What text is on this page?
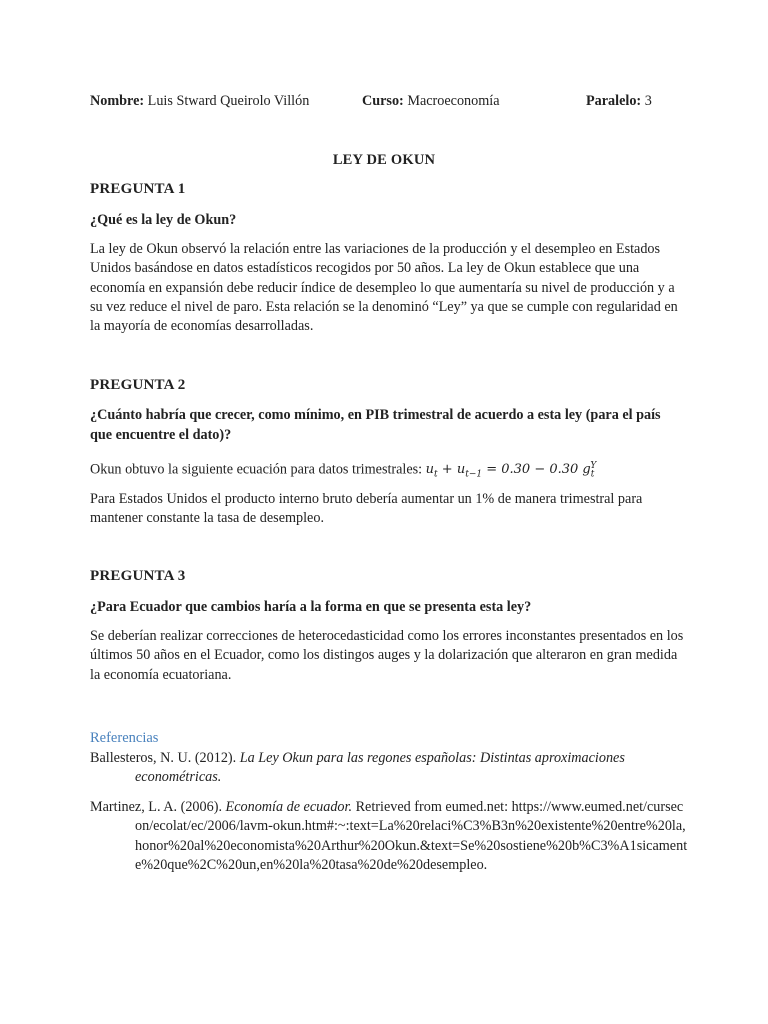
Nombre: Luis Stward Queirolo Villón	Curso: Macroeconomía	Paralelo: 3
LEY DE OKUN
PREGUNTA 1
¿Qué es la ley de Okun?
La ley de Okun observó la relación entre las variaciones de la producción y el desempleo en Estados Unidos basándose en datos estadísticos recogidos por 50 años. La ley de Okun establece que una economía en expansión debe reducir índice de desempleo lo que aumentaría su nivel de producción y a su vez reduce el nivel de paro. Esta relación se la denominó “Ley” ya que se cumple con regularidad en la mayoría de economías desarrolladas.
PREGUNTA 2
¿Cuánto habría que crecer, como mínimo, en PIB trimestral de acuerdo a esta ley (para el país que encuentre el dato)?
Okun obtuvo la siguiente ecuación para datos trimestrales: $u_t + u_{t-1} = 0.30 - 0.30$ $g_t^Y$
Para Estados Unidos el producto interno bruto debería aumentar un 1% de manera trimestral para mantener constante la tasa de desempleo.
PREGUNTA 3
¿Para Ecuador que cambios haría a la forma en que se presenta esta ley?
Se deberían realizar correcciones de heterocedasticidad como los errores inconstantes presentados en los últimos 50 años en el Ecuador, como los distingos auges y la dolarización que alteraron en gran medida la economía ecuatoriana.
Referencias
Ballesteros, N. U. (2012). La Ley Okun para las regones españolas: Distintas aproximaciones econométricas.
Martinez, L. A. (2006). Economía de ecuador. Retrieved from eumed.net: https://www.eumed.net/cursecon/ecolat/ec/2006/lavm-okun.htm#:~:text=La%20relaci%C3%B3n%20existente%20entre%20la,honor%20al%20economista%20Arthur%20Okun.&text=Se%20sostiene%20b%C3%A1sicamente%20que%2C%20un,en%20la%20tasa%20de%20desempleo.
